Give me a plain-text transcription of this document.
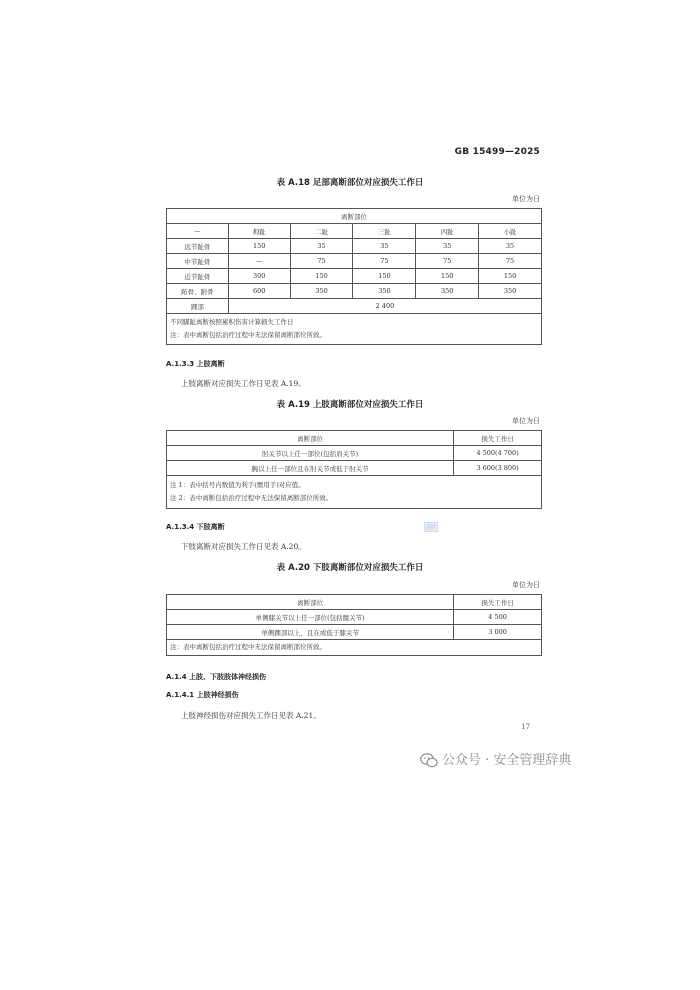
GB 15499—2025
表 A.18 足部离断部位对应损失工作日
单位为日
离断部位					
—	拇趾	二趾	三趾	四趾	小趾
远节趾骨	150	35	35	35	35
中节趾骨	—	75	75	75	75
近节趾骨	300	150	150	150	150
跖骨、跗骨	600	350	350	350	350
踝部	2 400				

不同脚趾离断按照累积伤害计算损失工作日
注：表中离断包括治疗过程中无法保留离断部位所致。					
A.1.3.3 上肢离断
上肢离断对应损失工作日见表 A.19。
表 A.19 上肢离断部位对应损失工作日
单位为日
离断部位	损失工作日
肘关节以上任一部位(包括肩关节)	4 500(4 700)
腕以上任一部位且在肘关节或低于肘关节	3 600(3 800)

注 1：表中括号内数值为利手(惯用手)对应值。
注 2：表中离断包括治疗过程中无法保留离断部位所致。	
A.1.3.4 下肢离断
下肢离断对应损失工作日见表 A.20。
表 A.20 下肢离断部位对应损失工作日
单位为日
离断部位	损失工作日
单侧膝关节以上任一部位(包括髋关节)	4 500
单侧踝部以上，且在或低于膝关节	3 000

注：表中离断包括治疗过程中无法保留离断部位所致。	
A.1.4 上肢、下肢肢体神经损伤
A.1.4.1 上肢神经损伤
上肢神经损伤对应损失工作日见表 A.21。
17
公众号 · 安全管理辞典
